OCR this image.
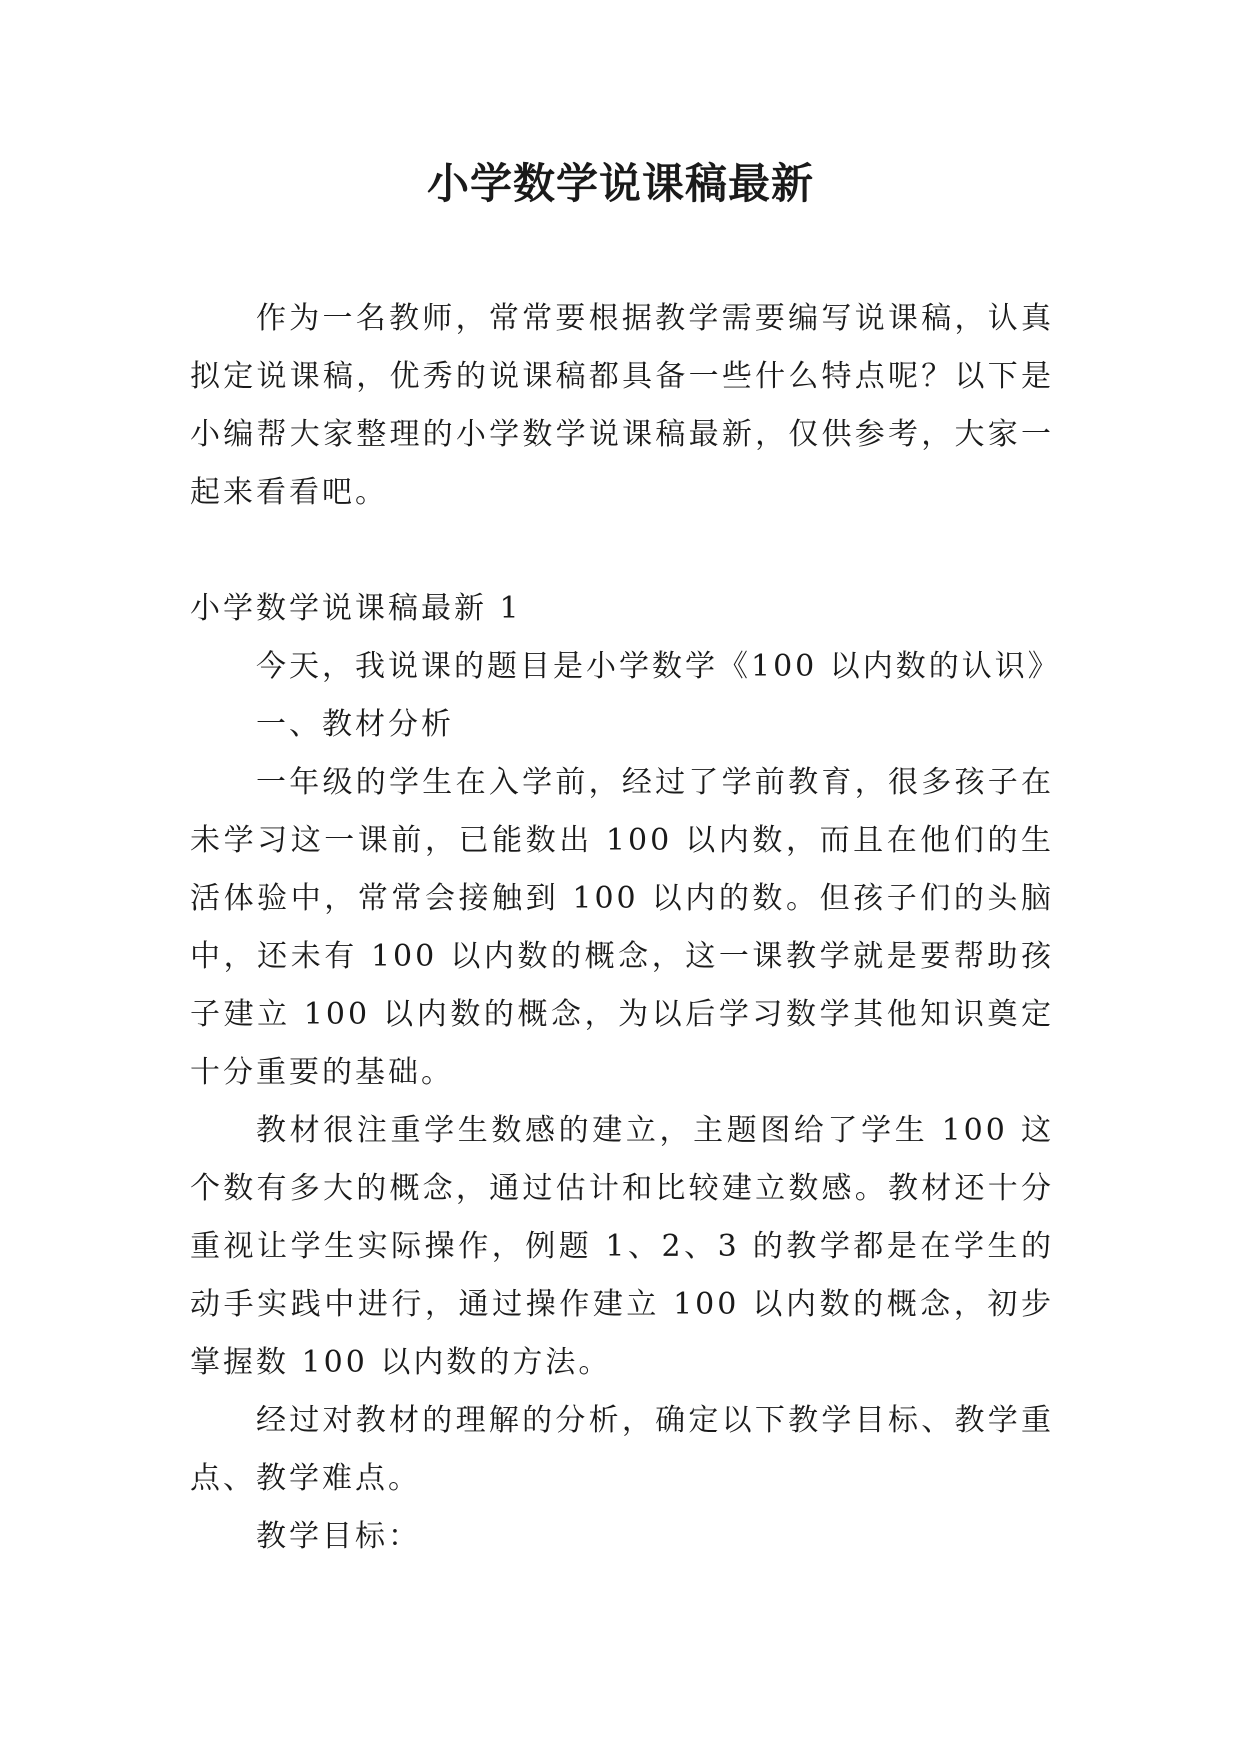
小学数学说课稿最新

作为一名教师，常常要根据教学需要编写说课稿，认真拟定说课稿，优秀的说课稿都具备一些什么特点呢？以下是小编帮大家整理的小学数学说课稿最新，仅供参考，大家一起来看看吧。

小学数学说课稿最新 1

今天，我说课的题目是小学数学《100 以内数的认识》

一、教材分析

一年级的学生在入学前，经过了学前教育，很多孩子在未学习这一课前，已能数出 100 以内数，而且在他们的生活体验中，常常会接触到 100 以内的数。但孩子们的头脑中，还未有 100 以内数的概念，这一课教学就是要帮助孩子建立 100 以内数的概念，为以后学习数学其他知识奠定十分重要的基础。

教材很注重学生数感的建立，主题图给了学生 100 这个数有多大的概念，通过估计和比较建立数感。教材还十分重视让学生实际操作，例题 1、2、3 的教学都是在学生的动手实践中进行，通过操作建立 100 以内数的概念，初步掌握数 100 以内数的方法。

经过对教材的理解的分析，确定以下教学目标、教学重点、教学难点。

教学目标：
